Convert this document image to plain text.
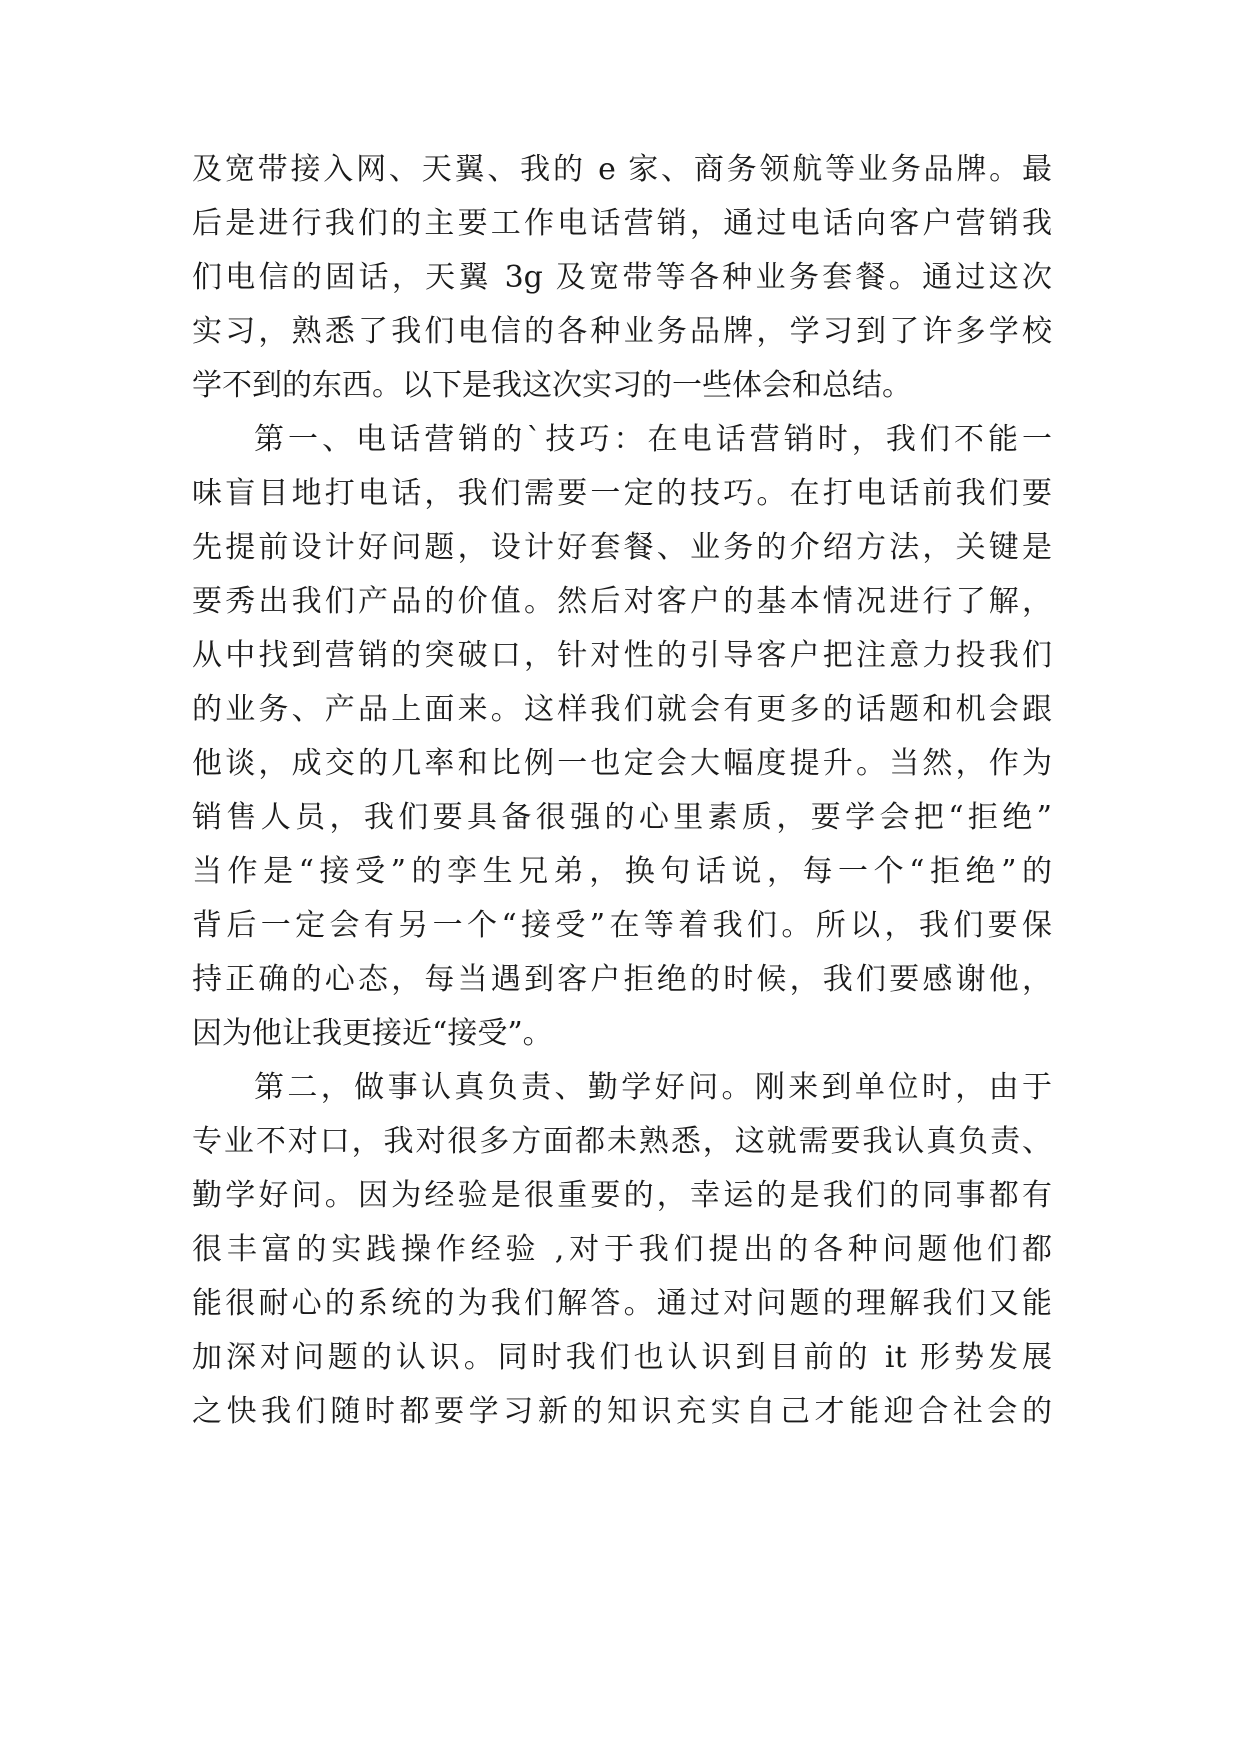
及宽带接入网、天翼、我的 e 家、商务领航等业务品牌。最
后是进行我们的主要工作电话营销，通过电话向客户营销我
们电信的固话，天翼 3g 及宽带等各种业务套餐。通过这次
实习，熟悉了我们电信的各种业务品牌，学习到了许多学校
学不到的东西。以下是我这次实习的一些体会和总结。
第一、电话营销的`技巧：在电话营销时，我们不能一
味盲目地打电话，我们需要一定的技巧。在打电话前我们要
先提前设计好问题，设计好套餐、业务的介绍方法，关键是
要秀出我们产品的价值。然后对客户的基本情况进行了解，
从中找到营销的突破口，针对性的引导客户把注意力投我们
的业务、产品上面来。这样我们就会有更多的话题和机会跟
他谈，成交的几率和比例一也定会大幅度提升。当然，作为
销售人员，我们要具备很强的心里素质，要学会把“拒绝”
当作是“接受”的孪生兄弟，换句话说，每一个“拒绝”的
背后一定会有另一个“接受”在等着我们。所以，我们要保
持正确的心态，每当遇到客户拒绝的时候，我们要感谢他，
因为他让我更接近“接受”。
第二，做事认真负责、勤学好问。刚来到单位时，由于
专业不对口，我对很多方面都未熟悉，这就需要我认真负责、
勤学好问。因为经验是很重要的，幸运的是我们的同事都有
很丰富的实践操作经验 ,对于我们提出的各种问题他们都
能很耐心的系统的为我们解答。通过对问题的理解我们又能
加深对问题的认识。同时我们也认识到目前的 it 形势发展
之快我们随时都要学习新的知识充实自己才能迎合社会的
